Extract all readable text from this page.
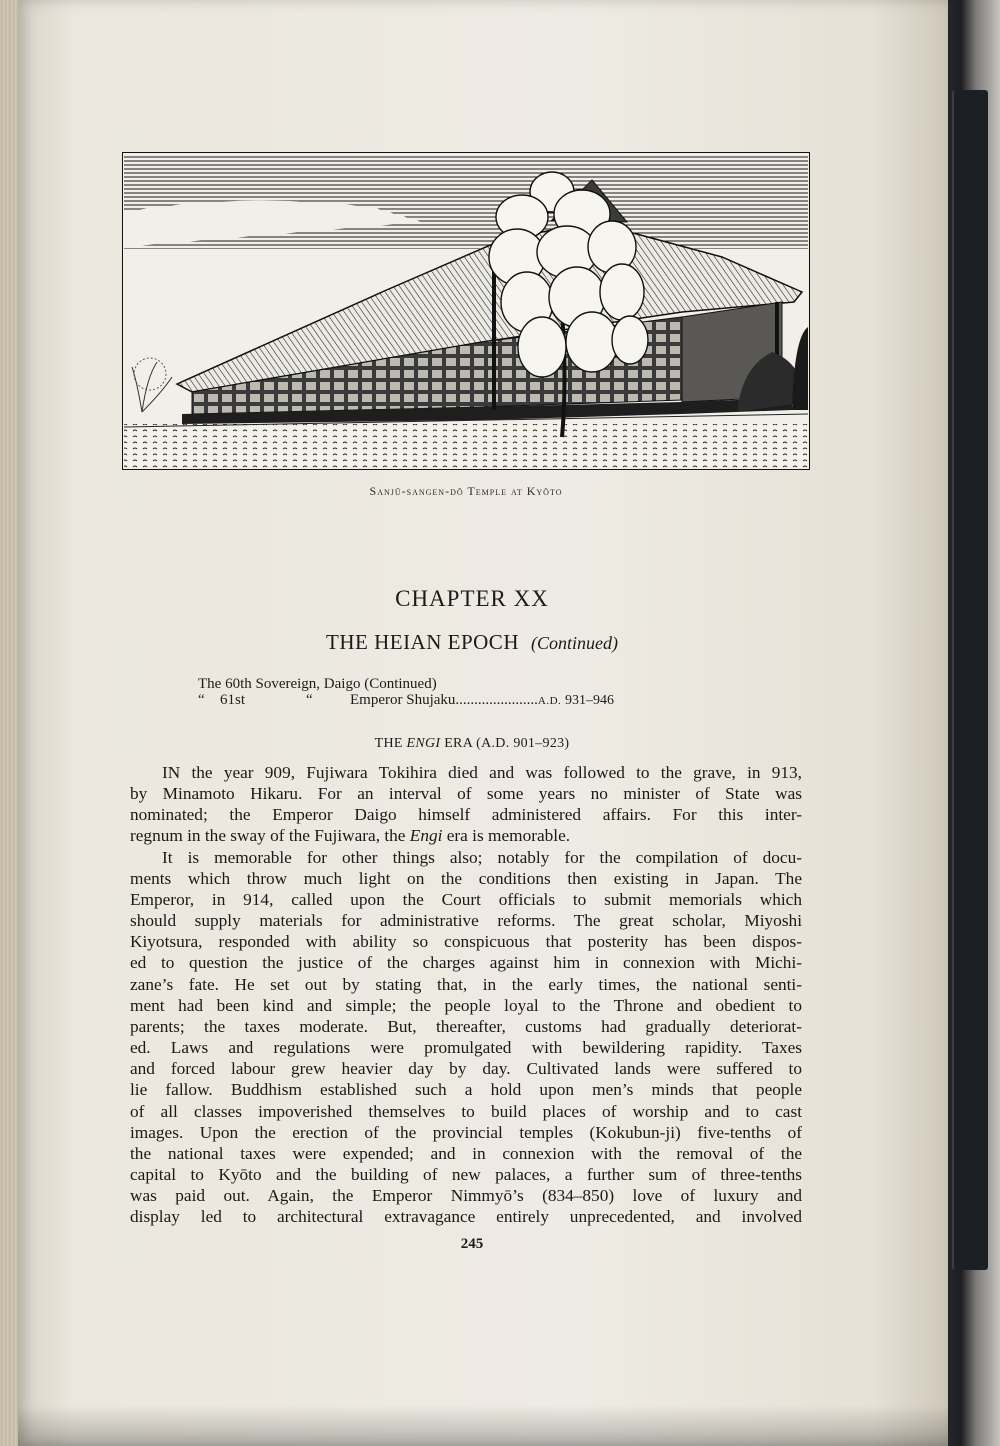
Sanjū-sangen-dō Temple at Kyōto
CHAPTER XX
THE HEIAN EPOCH (Continued)
The 60th Sovereign, Daigo (Continued)
“ 61st	“ Emperor Shujaku......................A.D. 931–946
THE ENGI ERA (A.D. 901–923)
IN the year 909, Fujiwara Tokihira died and was followed to the grave, in 913,
by Minamoto Hikaru. For an interval of some years no minister of State was
nominated; the Emperor Daigo himself administered affairs. For this inter-
regnum in the sway of the Fujiwara, the Engi era is memorable.
It is memorable for other things also; notably for the compilation of docu-
ments which throw much light on the conditions then existing in Japan. The
Emperor, in 914, called upon the Court officials to submit memorials which
should supply materials for administrative reforms. The great scholar, Miyoshi
Kiyotsura, responded with ability so conspicuous that posterity has been dispos-
ed to question the justice of the charges against him in connexion with Michi-
zane’s fate. He set out by stating that, in the early times, the national senti-
ment had been kind and simple; the people loyal to the Throne and obedient to
parents; the taxes moderate. But, thereafter, customs had gradually deteriorat-
ed. Laws and regulations were promulgated with bewildering rapidity. Taxes
and forced labour grew heavier day by day. Cultivated lands were suffered to
lie fallow. Buddhism established such a hold upon men’s minds that people
of all classes impoverished themselves to build places of worship and to cast
images. Upon the erection of the provincial temples (Kokubun-ji) five-tenths of
the national taxes were expended; and in connexion with the removal of the
capital to Kyōto and the building of new palaces, a further sum of three-tenths
was paid out. Again, the Emperor Nimmyō’s (834–850) love of luxury and
display led to architectural extravagance entirely unprecedented, and involved
245
